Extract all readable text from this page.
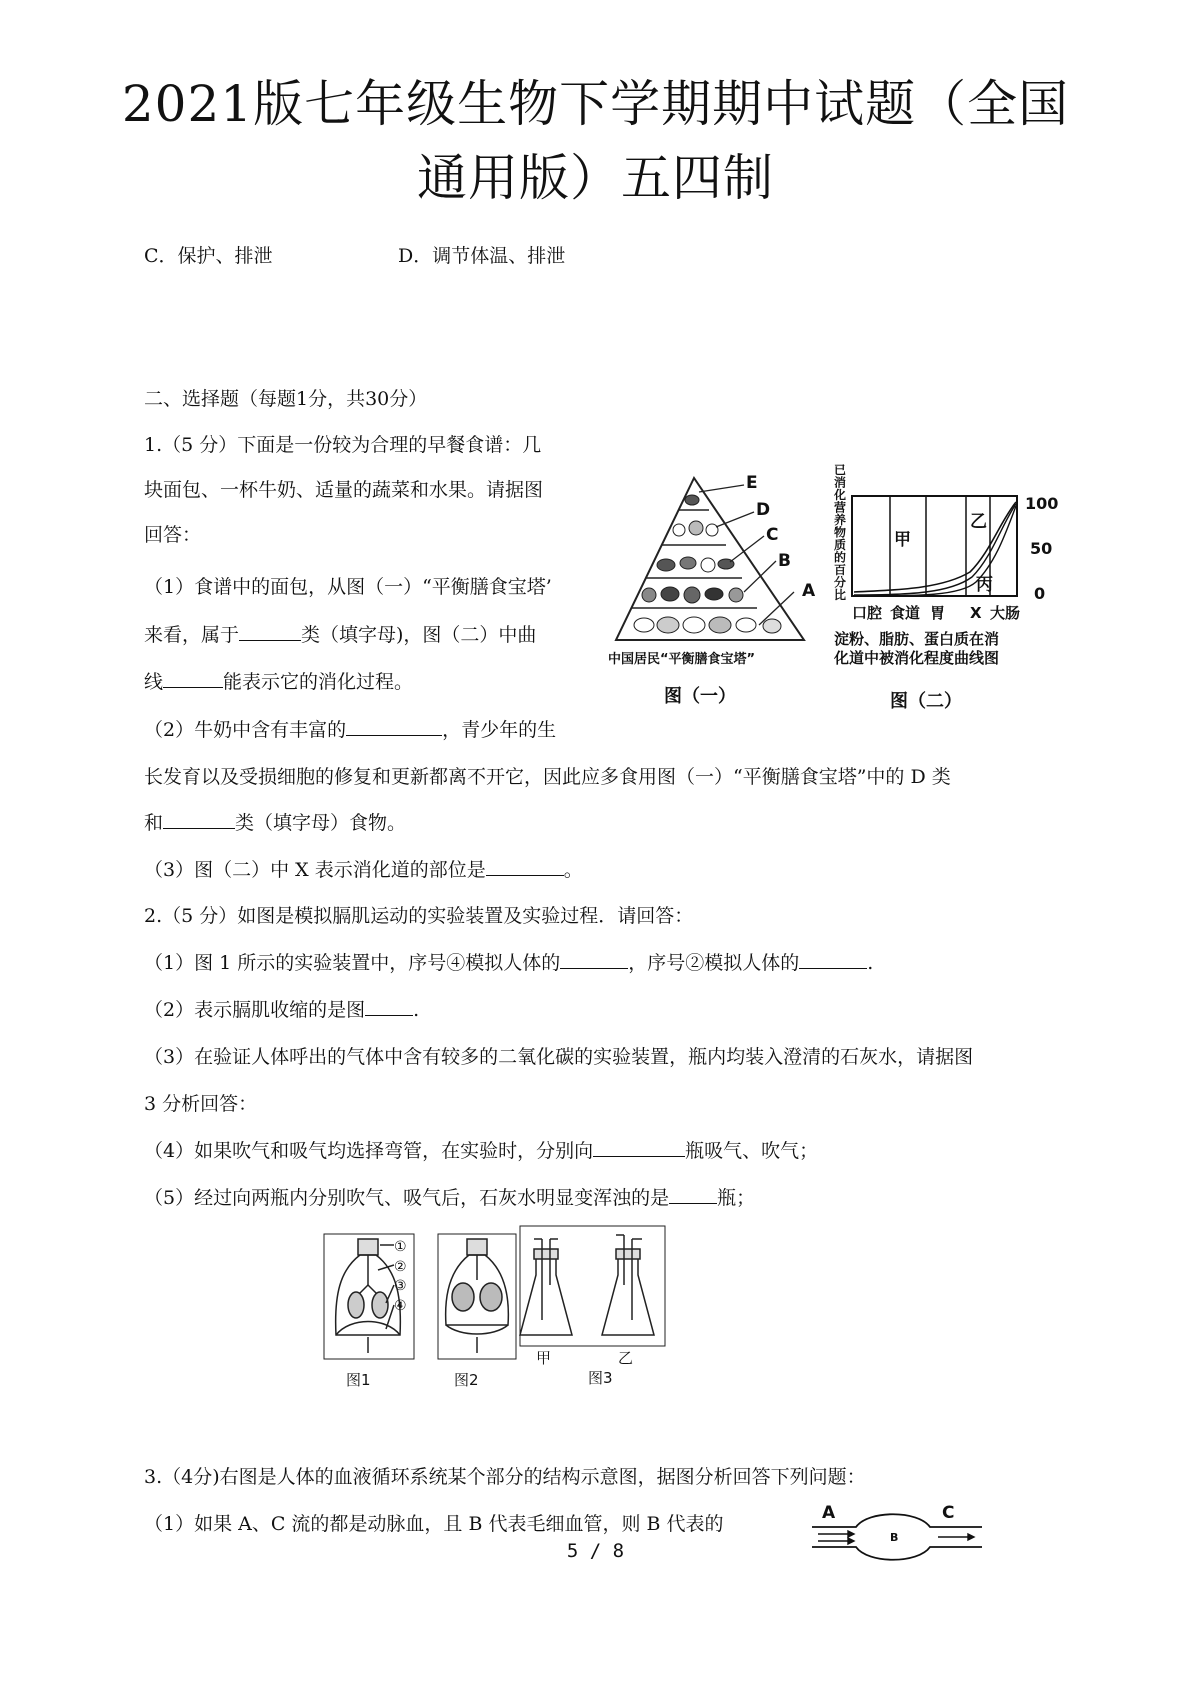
2021版七年级生物下学期期中试题（全国
通用版）五四制
C．保护、排泄	D．调节体温、排泄
二、选择题（每题1分，共30分）
1.（5 分）下面是一份较为合理的早餐食谱：几
块面包、一杯牛奶、适量的蔬菜和水果。请据图
回答：
（1）食谱中的面包，从图（一）“平衡膳食宝塔’
来看，属于	类（填字母)，图（二）中曲
线	能表示它的消化过程。
（2）牛奶中含有丰富的	，青少年的生
长发育以及受损细胞的修复和更新都离不开它，因此应多食用图（一）“平衡膳食宝塔”中的 D 类
和	类（填字母）食物。
（3）图（二）中 X 表示消化道的部位是	。
E
D
C
B
A
中国居民“平衡膳食宝塔”
图（一）
已
消
化
营
养
物
质
的
百
分
比
甲
乙
丙
100
50
0
口腔 食道 胃 X 大肠
淀粉、脂肪、蛋白质在消
化道中被消化程度曲线图
图（二）
2.（5 分）如图是模拟膈肌运动的实验装置及实验过程．请回答：
（1）图 1 所示的实验装置中，序号④模拟人体的	，序号②模拟人体的	.
（2）表示膈肌收缩的是图	.
（3）在验证人体呼出的气体中含有较多的二氧化碳的实验装置，瓶内均装入澄清的石灰水，请据图
3 分析回答：
（4）如果吹气和吸气均选择弯管，在实验时，分别向	瓶吸气、吹气；
（5）经过向两瓶内分别吹气、吸气后，石灰水明显变浑浊的是	瓶；
①
②
③
④
图1	图2
甲	乙
图3
3.（4分)右图是人体的血液循环系统某个部分的结构示意图，据图分析回答下列问题：
（1）如果 A、C 流的都是动脉血，且 B 代表毛细血管，则 B 代表的	A
B
C
5 / 8
